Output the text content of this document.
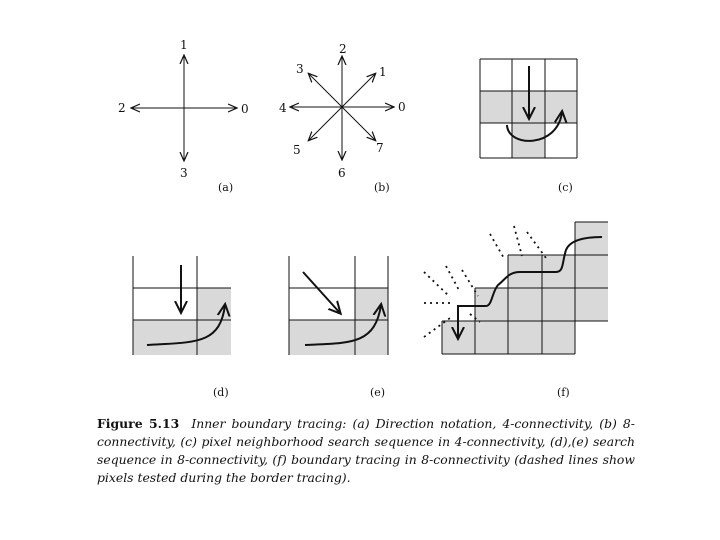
1
2	0
3
(a)
2
3	1
4	0
5	7
6
(b)	(c)
(d)	(e)	(f)
Figure 5.13 Inner boundary tracing: (a) Direction notation, 4-connectivity, (b) 8-connectivity, (c) pixel neighborhood search sequence in 4-connectivity, (d),(e) search sequence in 8-connectivity, (f) boundary tracing in 8-connectivity (dashed lines show pixels tested during the border tracing).
